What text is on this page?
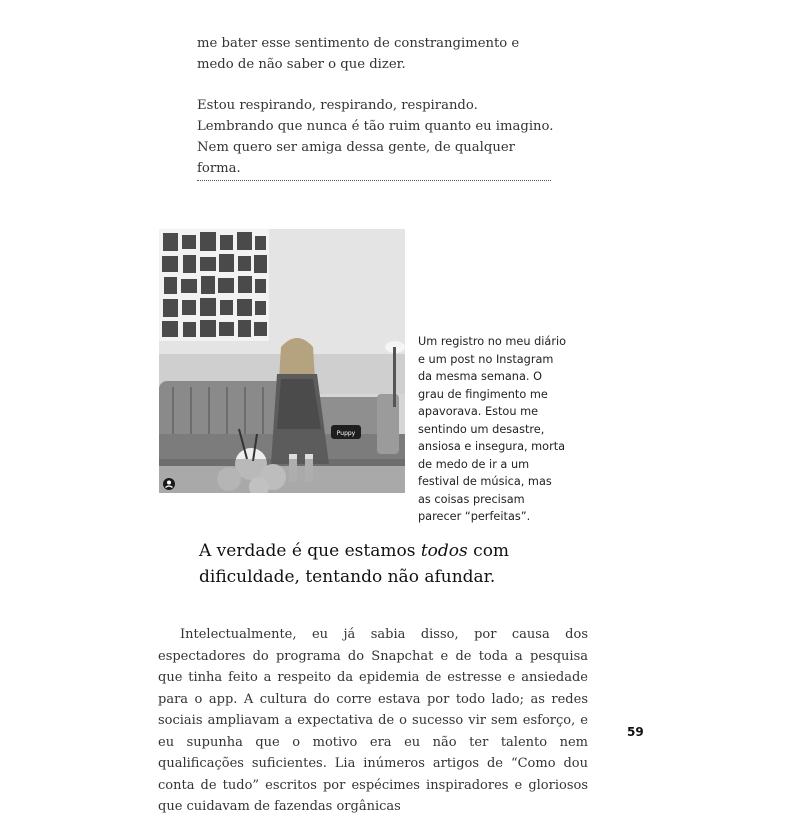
me bater esse sentimento de constrangimento e medo de não saber o que dizer.

Estou respirando, respirando, respirando. Lembrando que nunca é tão ruim quanto eu imagino. Nem quero ser amiga dessa gente, de qualquer forma.

Puppy
Um registro no meu diário e um post no Instagram da mesma semana. O grau de fingimento me apavorava. Estou me sentindo um desastre, ansiosa e insegura, morta de medo de ir a um festival de música, mas as coisas precisam parecer “perfeitas”.
A verdade é que estamos todos com dificuldade, tentando não afundar.

Intelectualmente, eu já sabia disso, por causa dos espectadores do programa do Snapchat e de toda a pesquisa que tinha feito a respeito da epidemia de estresse e ansiedade para o app. A cultura do corre estava por todo lado; as redes sociais ampliavam a expectativa de o sucesso vir sem esforço, e eu supunha que o motivo era eu não ter talento nem qualificações suficientes. Lia inúmeros artigos de “Como dou conta de tudo” escritos por espécimes inspiradores e gloriosos que cuidavam de fazendas orgânicas

59
